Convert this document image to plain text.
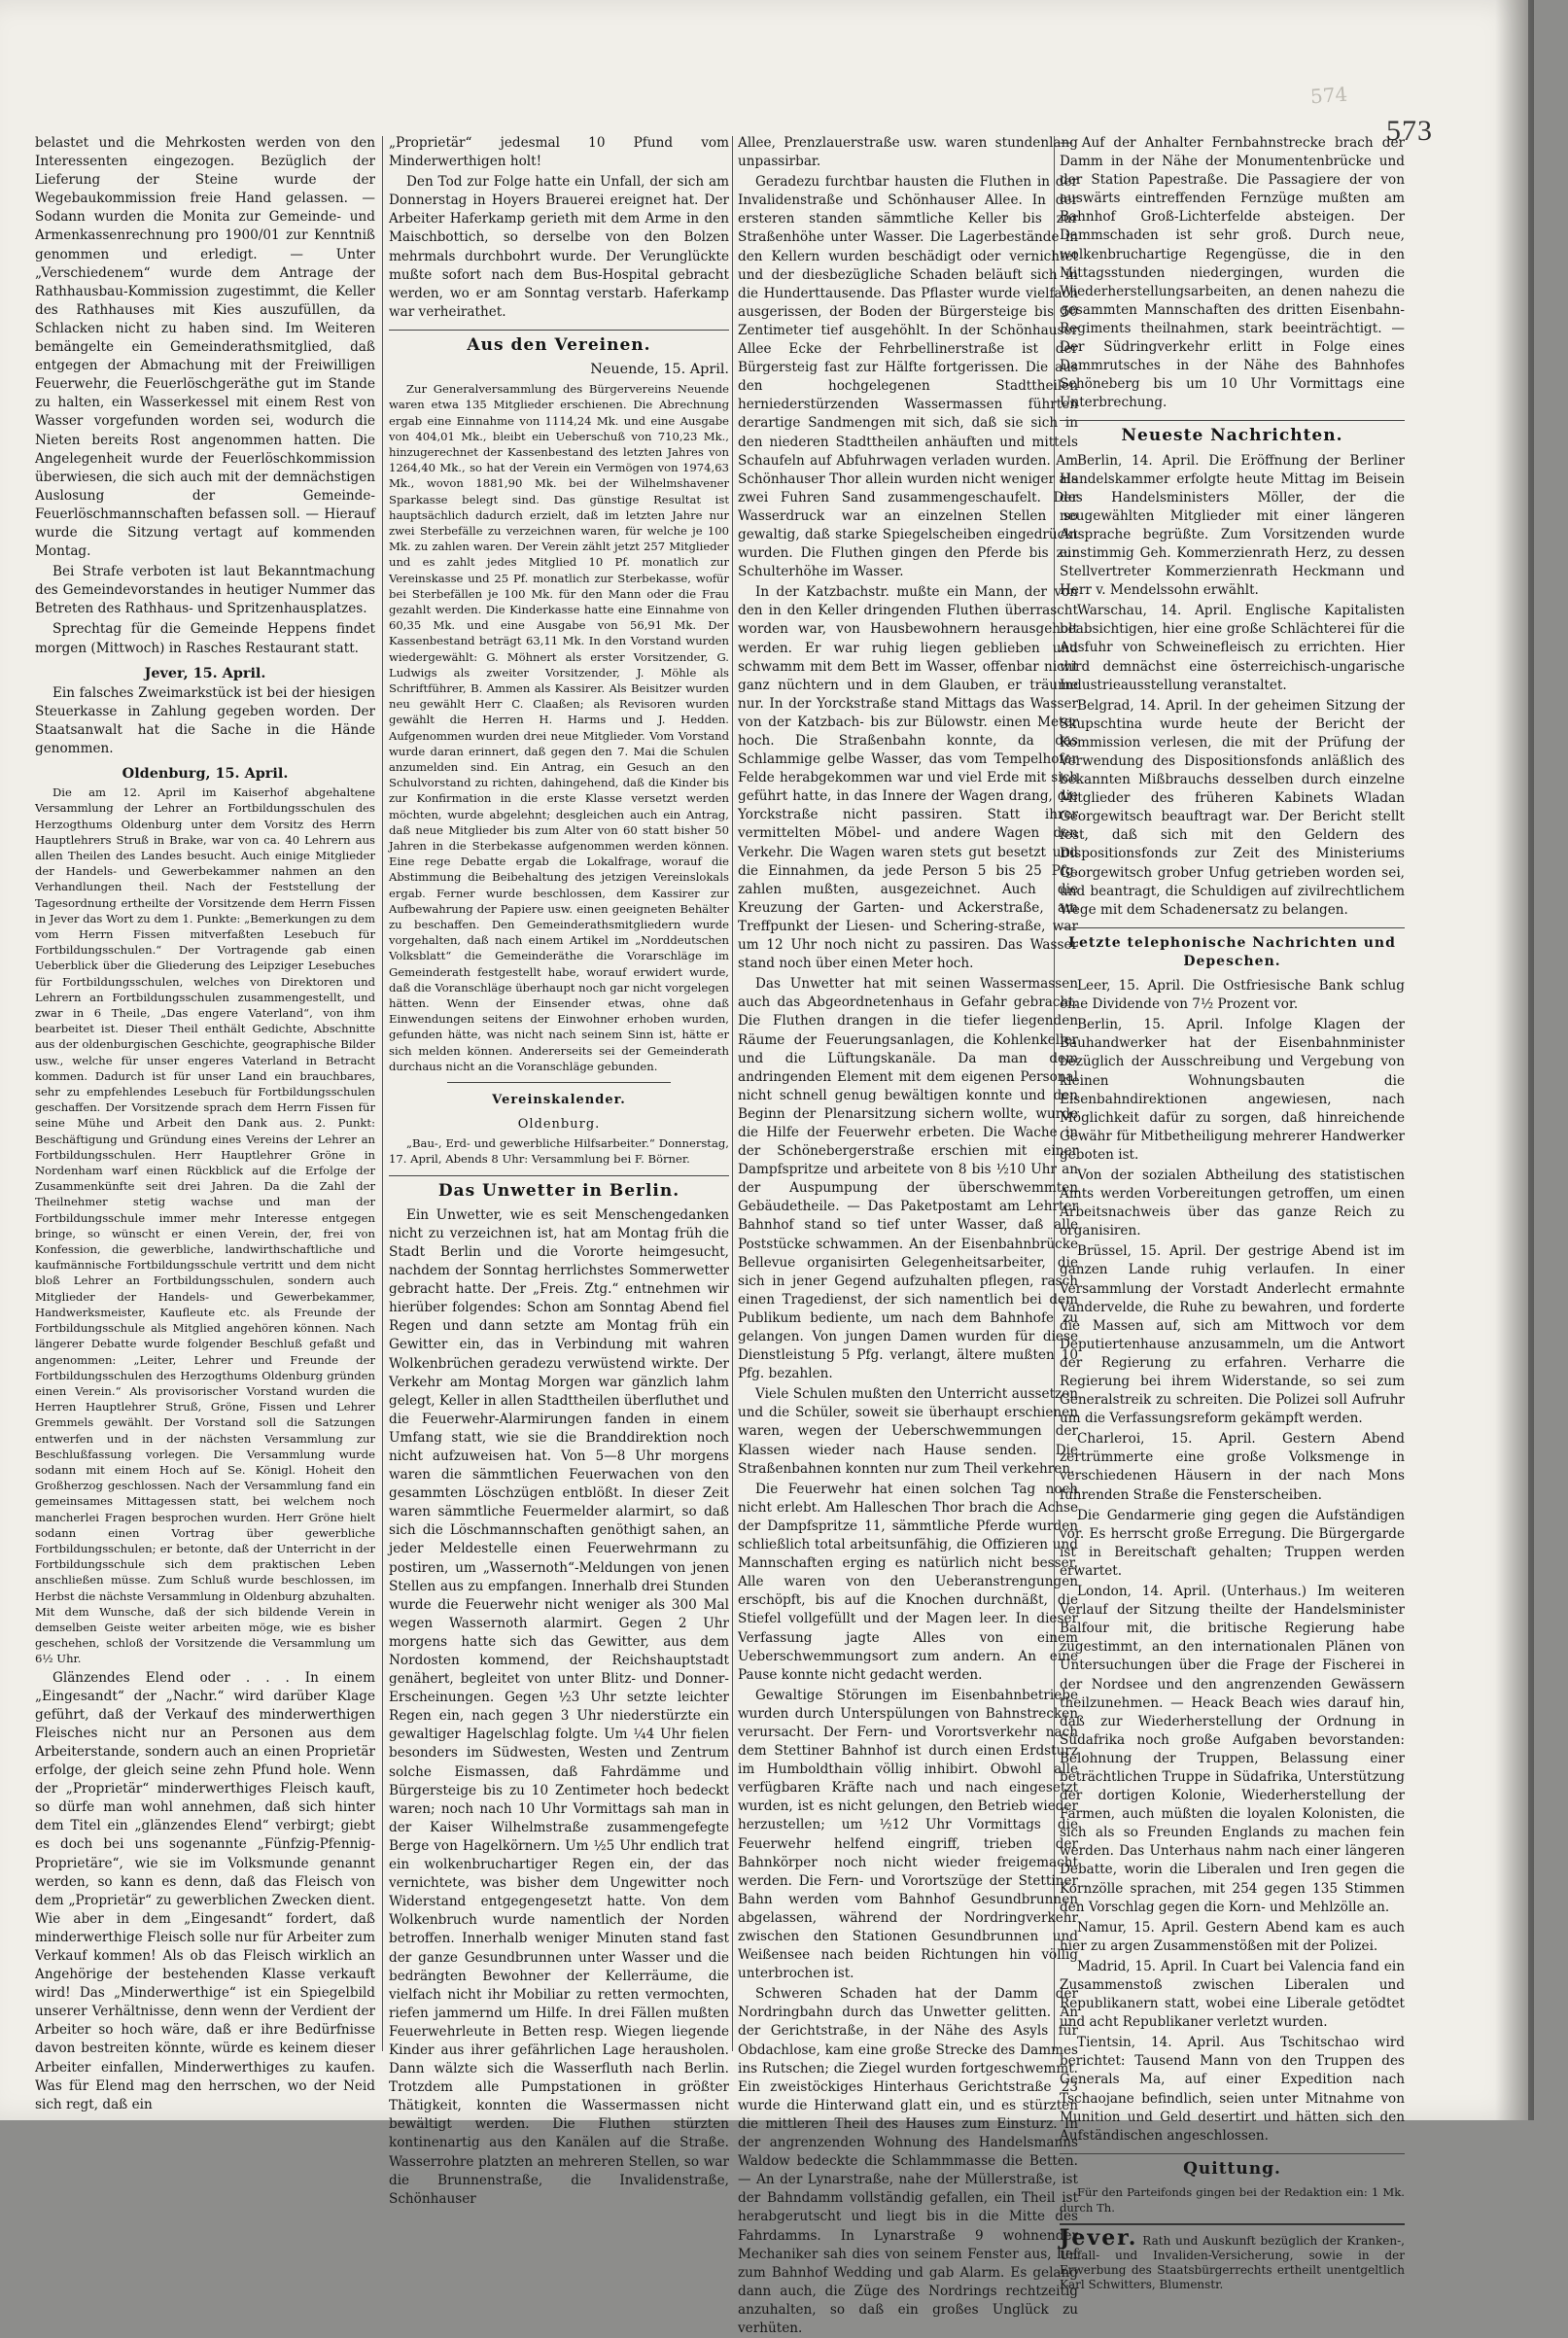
574
573

belastet und die Mehrkosten werden von den Interessenten eingezogen. Bezüglich der Lieferung der Steine wurde der Wegebaukommission freie Hand gelassen. — Sodann wurden die Monita zur Gemeinde- und Armenkassenrechnung pro 1900/01 zur Kenntniß genommen und erledigt. — Unter „Verschiedenem“ wurde dem Antrage der Rathhausbau-Kommission zugestimmt, die Keller des Rathhauses mit Kies auszufüllen, da Schlacken nicht zu haben sind. Im Weiteren bemängelte ein Gemeinderathsmitglied, daß entgegen der Abmachung mit der Freiwilligen Feuerwehr, die Feuerlöschgeräthe gut im Stande zu halten, ein Wasserkessel mit einem Rest von Wasser vorgefunden worden sei, wodurch die Nieten bereits Rost angenommen hatten. Die Angelegenheit wurde der Feuerlöschkommission überwiesen, die sich auch mit der demnächstigen Auslosung der Gemeinde-Feuerlöschmannschaften befassen soll. — Hierauf wurde die Sitzung vertagt auf kommenden Montag.

Bei Strafe verboten ist laut Bekanntmachung des Gemeindevorstandes in heutiger Nummer das Betreten des Rathhaus- und Spritzenhausplatzes.

Sprechtag für die Gemeinde Heppens findet morgen (Mittwoch) in Rasches Restaurant statt.

Jever, 15. April.

Ein falsches Zweimarkstück ist bei der hiesigen Steuerkasse in Zahlung gegeben worden. Der Staatsanwalt hat die Sache in die Hände genommen.

Oldenburg, 15. April.

Die am 12. April im Kaiserhof abgehaltene Versammlung der Lehrer an Fortbildungsschulen des Herzogthums Oldenburg unter dem Vorsitz des Herrn Hauptlehrers Struß in Brake, war von ca. 40 Lehrern aus allen Theilen des Landes besucht. Auch einige Mitglieder der Handels- und Gewerbekammer nahmen an den Verhandlungen theil. Nach der Feststellung der Tagesordnung ertheilte der Vorsitzende dem Herrn Fissen in Jever das Wort zu dem 1. Punkte: „Bemerkungen zu dem vom Herrn Fissen mitverfaßten Lesebuch für Fortbildungsschulen.“ Der Vortragende gab einen Ueberblick über die Gliederung des Leipziger Lesebuches für Fortbildungsschulen, welches von Direktoren und Lehrern an Fortbildungsschulen zusammengestellt, und zwar in 6 Theile, „Das engere Vaterland“, von ihm bearbeitet ist. Dieser Theil enthält Gedichte, Abschnitte aus der oldenburgischen Geschichte, geographische Bilder usw., welche für unser engeres Vaterland in Betracht kommen. Dadurch ist für unser Land ein brauchbares, sehr zu empfehlendes Lesebuch für Fortbildungsschulen geschaffen. Der Vorsitzende sprach dem Herrn Fissen für seine Mühe und Arbeit den Dank aus. 2. Punkt: Beschäftigung und Gründung eines Vereins der Lehrer an Fortbildungsschulen. Herr Hauptlehrer Gröne in Nordenham warf einen Rückblick auf die Erfolge der Zusammenkünfte seit drei Jahren. Da die Zahl der Theilnehmer stetig wachse und man der Fortbildungsschule immer mehr Interesse entgegen bringe, so wünscht er einen Verein, der, frei von Konfession, die gewerbliche, landwirthschaftliche und kaufmännische Fortbildungsschule vertritt und dem nicht bloß Lehrer an Fortbildungsschulen, sondern auch Mitglieder der Handels- und Gewerbekammer, Handwerksmeister, Kaufleute etc. als Freunde der Fortbildungsschule als Mitglied angehören können. Nach längerer Debatte wurde folgender Beschluß gefaßt und angenommen: „Leiter, Lehrer und Freunde der Fortbildungsschulen des Herzogthums Oldenburg gründen einen Verein.“ Als provisorischer Vorstand wurden die Herren Hauptlehrer Struß, Gröne, Fissen und Lehrer Gremmels gewählt. Der Vorstand soll die Satzungen entwerfen und in der nächsten Versammlung zur Beschlußfassung vorlegen. Die Versammlung wurde sodann mit einem Hoch auf Se. Königl. Hoheit den Großherzog geschlossen. Nach der Versammlung fand ein gemeinsames Mittagessen statt, bei welchem noch mancherlei Fragen besprochen wurden. Herr Gröne hielt sodann einen Vortrag über gewerbliche Fortbildungsschulen; er betonte, daß der Unterricht in der Fortbildungsschule sich dem praktischen Leben anschließen müsse. Zum Schluß wurde beschlossen, im Herbst die nächste Versammlung in Oldenburg abzuhalten. Mit dem Wunsche, daß der sich bildende Verein in demselben Geiste weiter arbeiten möge, wie es bisher geschehen, schloß der Vorsitzende die Versammlung um 6½ Uhr.

Glänzendes Elend oder . . . In einem „Eingesandt“ der „Nachr.“ wird darüber Klage geführt, daß der Verkauf des minderwerthigen Fleisches nicht nur an Personen aus dem Arbeiterstande, sondern auch an einen Proprietär erfolge, der gleich seine zehn Pfund hole. Wenn der „Proprietär“ minderwerthiges Fleisch kauft, so dürfe man wohl annehmen, daß sich hinter dem Titel ein „glänzendes Elend“ verbirgt; giebt es doch bei uns sogenannte „Fünfzig-Pfennig-Proprietäre“, wie sie im Volksmunde genannt werden, so kann es denn, daß das Fleisch von dem „Proprietär“ zu gewerblichen Zwecken dient. Wie aber in dem „Eingesandt“ fordert, daß minderwerthige Fleisch solle nur für Arbeiter zum Verkauf kommen! Als ob das Fleisch wirklich an Angehörige der bestehenden Klasse verkauft wird! Das „Minderwerthige“ ist ein Spiegelbild unserer Verhältnisse, denn wenn der Verdient der Arbeiter so hoch wäre, daß er ihre Bedürfnisse davon bestreiten könnte, würde es keinem dieser Arbeiter einfallen, Minderwerthiges zu kaufen. Was für Elend mag den herrschen, wo der Neid sich regt, daß ein

„Proprietär“ jedesmal 10 Pfund vom Minderwerthigen holt!

Den Tod zur Folge hatte ein Unfall, der sich am Donnerstag in Hoyers Brauerei ereignet hat. Der Arbeiter Haferkamp gerieth mit dem Arme in den Maischbottich, so derselbe von den Bolzen mehrmals durchbohrt wurde. Der Verunglückte mußte sofort nach dem Bus-Hospital gebracht werden, wo er am Sonntag verstarb. Haferkamp war verheirathet.

Aus den Vereinen.
Neuende, 15. April.

Zur Generalversammlung des Bürgervereins Neuende waren etwa 135 Mitglieder erschienen. Die Abrechnung ergab eine Einnahme von 1114,24 Mk. und eine Ausgabe von 404,01 Mk., bleibt ein Ueberschuß von 710,23 Mk., hinzugerechnet der Kassenbestand des letzten Jahres von 1264,40 Mk., so hat der Verein ein Vermögen von 1974,63 Mk., wovon 1881,90 Mk. bei der Wilhelmshavener Sparkasse belegt sind. Das günstige Resultat ist hauptsächlich dadurch erzielt, daß im letzten Jahre nur zwei Sterbefälle zu verzeichnen waren, für welche je 100 Mk. zu zahlen waren. Der Verein zählt jetzt 257 Mitglieder und es zahlt jedes Mitglied 10 Pf. monatlich zur Vereinskasse und 25 Pf. monatlich zur Sterbekasse, wofür bei Sterbefällen je 100 Mk. für den Mann oder die Frau gezahlt werden. Die Kinderkasse hatte eine Einnahme von 60,35 Mk. und eine Ausgabe von 56,91 Mk. Der Kassenbestand beträgt 63,11 Mk. In den Vorstand wurden wiedergewählt: G. Möhnert als erster Vorsitzender, G. Ludwigs als zweiter Vorsitzender, J. Möhle als Schriftführer, B. Ammen als Kassirer. Als Beisitzer wurden neu gewählt Herr C. Claaßen; als Revisoren wurden gewählt die Herren H. Harms und J. Hedden. Aufgenommen wurden drei neue Mitglieder. Vom Vorstand wurde daran erinnert, daß gegen den 7. Mai die Schulen anzumelden sind. Ein Antrag, ein Gesuch an den Schulvorstand zu richten, dahingehend, daß die Kinder bis zur Konfirmation in die erste Klasse versetzt werden möchten, wurde abgelehnt; desgleichen auch ein Antrag, daß neue Mitglieder bis zum Alter von 60 statt bisher 50 Jahren in die Sterbekasse aufgenommen werden können. Eine rege Debatte ergab die Lokalfrage, worauf die Abstimmung die Beibehaltung des jetzigen Vereinslokals ergab. Ferner wurde beschlossen, dem Kassirer zur Aufbewahrung der Papiere usw. einen geeigneten Behälter zu beschaffen. Den Gemeinderathsmitgliedern wurde vorgehalten, daß nach einem Artikel im „Norddeutschen Volksblatt“ die Gemeinderäthe die Vorarschläge im Gemeinderath festgestellt habe, worauf erwidert wurde, daß die Voranschläge überhaupt noch gar nicht vorgelegen hätten. Wenn der Einsender etwas, ohne daß Einwendungen seitens der Einwohner erhoben wurden, gefunden hätte, was nicht nach seinem Sinn ist, hätte er sich melden können. Andererseits sei der Gemeinderath durchaus nicht an die Voranschläge gebunden.

Vereinskalender.
Oldenburg.

„Bau-, Erd- und gewerbliche Hilfsarbeiter.“ Donnerstag, 17. April, Abends 8 Uhr: Versammlung bei F. Börner.

Das Unwetter in Berlin.

Ein Unwetter, wie es seit Menschengedanken nicht zu verzeichnen ist, hat am Montag früh die Stadt Berlin und die Vororte heimgesucht, nachdem der Sonntag herrlichstes Sommerwetter gebracht hatte. Der „Freis. Ztg.“ entnehmen wir hierüber folgendes: Schon am Sonntag Abend fiel Regen und dann setzte am Montag früh ein Gewitter ein, das in Verbindung mit wahren Wolkenbrüchen geradezu verwüstend wirkte. Der Verkehr am Montag Morgen war gänzlich lahm gelegt, Keller in allen Stadttheilen überfluthet und die Feuerwehr-Alarmirungen fanden in einem Umfang statt, wie sie die Branddirektion noch nicht aufzuweisen hat. Von 5—8 Uhr morgens waren die sämmtlichen Feuerwachen von den gesammten Löschzügen entblößt. In dieser Zeit waren sämmtliche Feuermelder alarmirt, so daß sich die Löschmannschaften genöthigt sahen, an jeder Meldestelle einen Feuerwehrmann zu postiren, um „Wassernoth“-Meldungen von jenen Stellen aus zu empfangen. Innerhalb drei Stunden wurde die Feuerwehr nicht weniger als 300 Mal wegen Wassernoth alarmirt. Gegen 2 Uhr morgens hatte sich das Gewitter, aus dem Nordosten kommend, der Reichshauptstadt genähert, begleitet von unter Blitz- und Donner-Erscheinungen. Gegen ½3 Uhr setzte leichter Regen ein, nach gegen 3 Uhr niederstürzte ein gewaltiger Hagelschlag folgte. Um ¼4 Uhr fielen besonders im Südwesten, Westen und Zentrum solche Eismassen, daß Fahrdämme und Bürgersteige bis zu 10 Zentimeter hoch bedeckt waren; noch nach 10 Uhr Vormittags sah man in der Kaiser Wilhelmstraße zusammengefegte Berge von Hagelkörnern. Um ½5 Uhr endlich trat ein wolkenbruchartiger Regen ein, der das vernichtete, was bisher dem Ungewitter noch Widerstand entgegengesetzt hatte. Von dem Wolkenbruch wurde namentlich der Norden betroffen. Innerhalb weniger Minuten stand fast der ganze Gesundbrunnen unter Wasser und die bedrängten Bewohner der Kellerräume, die vielfach nicht ihr Mobiliar zu retten vermochten, riefen jammernd um Hilfe. In drei Fällen mußten Feuerwehrleute in Betten resp. Wiegen liegende Kinder aus ihrer gefährlichen Lage herausholen. Dann wälzte sich die Wasserfluth nach Berlin. Trotzdem alle Pumpstationen in größter Thätigkeit, konnten die Wassermassen nicht bewältigt werden. Die Fluthen stürzten kontinenartig aus den Kanälen auf die Straße. Wasserrohre platzten an mehreren Stellen, so war die Brunnenstraße, die Invalidenstraße, Schönhauser

Allee, Prenzlauerstraße usw. waren stundenlang unpassirbar.

Geradezu furchtbar hausten die Fluthen in der Invalidenstraße und Schönhauser Allee. In der ersteren standen sämmtliche Keller bis zur Straßenhöhe unter Wasser. Die Lagerbestände in den Kellern wurden beschädigt oder vernichtet und der diesbezügliche Schaden beläuft sich in die Hunderttausende. Das Pflaster wurde vielfach ausgerissen, der Boden der Bürgersteige bis 50 Zentimeter tief ausgehöhlt. In der Schönhauser Allee Ecke der Fehrbellinerstraße ist der Bürgersteig fast zur Hälfte fortgerissen. Die aus den hochgelegenen Stadttheilen herniederstürzenden Wassermassen führten derartige Sandmengen mit sich, daß sie sich in den niederen Stadttheilen anhäuften und mittels Schaufeln auf Abfuhrwagen verladen wurden. Am Schönhauser Thor allein wurden nicht weniger als zwei Fuhren Sand zusammengeschaufelt. Der Wasserdruck war an einzelnen Stellen so gewaltig, daß starke Spiegelscheiben eingedrückt wurden. Die Fluthen gingen den Pferde bis zur Schulterhöhe im Wasser.

In der Katzbachstr. mußte ein Mann, der von den in den Keller dringenden Fluthen überrascht worden war, von Hausbewohnern herausgeholt werden. Er war ruhig liegen geblieben und schwamm mit dem Bett im Wasser, offenbar nicht ganz nüchtern und in dem Glauben, er träume nur. In der Yorckstraße stand Mittags das Wasser von der Katzbach- bis zur Bülowstr. einen Meter hoch. Die Straßenbahn konnte, da das Schlammige gelbe Wasser, das vom Tempelhofer Felde herabgekommen war und viel Erde mit sich geführt hatte, in das Innere der Wagen drang, die Yorckstraße nicht passiren. Statt ihrer vermittelten Möbel- und andere Wagen den Verkehr. Die Wagen waren stets gut besetzt und die Einnahmen, da jede Person 5 bis 25 Pfg. zahlen mußten, ausgezeichnet. Auch die Kreuzung der Garten- und Ackerstraße, am Treffpunkt der Liesen- und Schering-straße, war um 12 Uhr noch nicht zu passiren. Das Wasser stand noch über einen Meter hoch.

Das Unwetter hat mit seinen Wassermassen auch das Abgeordnetenhaus in Gefahr gebracht. Die Fluthen drangen in die tiefer liegenden Räume der Feuerungsanlagen, die Kohlenkeller und die Lüftungskanäle. Da man dem andringenden Element mit dem eigenen Personal nicht schnell genug bewältigen konnte und den Beginn der Plenarsitzung sichern wollte, wurde die Hilfe der Feuerwehr erbeten. Die Wache in der Schönebergerstraße erschien mit einer Dampfspritze und arbeitete von 8 bis ½10 Uhr an der Auspumpung der überschwemmten Gebäudetheile. — Das Paketpostamt am Lehrter Bahnhof stand so tief unter Wasser, daß alle Poststücke schwammen. An der Eisenbahnbrücke Bellevue organisirten Gelegenheitsarbeiter, die sich in jener Gegend aufzuhalten pflegen, rasch einen Tragedienst, der sich namentlich bei dem Publikum bediente, um nach dem Bahnhofe zu gelangen. Von jungen Damen wurden für diese Dienstleistung 5 Pfg. verlangt, ältere mußten 10 Pfg. bezahlen.

Viele Schulen mußten den Unterricht aussetzen und die Schüler, soweit sie überhaupt erschienen waren, wegen der Ueberschwemmungen der Klassen wieder nach Hause senden. Die Straßenbahnen konnten nur zum Theil verkehren.

Die Feuerwehr hat einen solchen Tag noch nicht erlebt. Am Halleschen Thor brach die Achse der Dampfspritze 11, sämmtliche Pferde wurden schließlich total arbeitsunfähig, die Offizieren und Mannschaften erging es natürlich nicht besser. Alle waren von den Ueberanstrengungen erschöpft, bis auf die Knochen durchnäßt, die Stiefel vollgefüllt und der Magen leer. In dieser Verfassung jagte Alles von einem Ueberschwemmungsort zum andern. An eine Pause konnte nicht gedacht werden.

Gewaltige Störungen im Eisenbahnbetriebe wurden durch Unterspülungen von Bahnstrecken verursacht. Der Fern- und Vorortsverkehr nach dem Stettiner Bahnhof ist durch einen Erdsturz im Humboldthain völlig inhibirt. Obwohl alle verfügbaren Kräfte nach und nach eingesetzt wurden, ist es nicht gelungen, den Betrieb wieder herzustellen; um ½12 Uhr Vormittags die Feuerwehr helfend eingriff, trieben der Bahnkörper noch nicht wieder freigemacht werden. Die Fern- und Vorortszüge der Stettiner Bahn werden vom Bahnhof Gesundbrunnen abgelassen, während der Nordringverkehr zwischen den Stationen Gesundbrunnen und Weißensee nach beiden Richtungen hin völlig unterbrochen ist.

Schweren Schaden hat der Damm der Nordringbahn durch das Unwetter gelitten. An der Gerichtstraße, in der Nähe des Asyls für Obdachlose, kam eine große Strecke des Dammes ins Rutschen; die Ziegel wurden fortgeschwemmt. Ein zweistöckiges Hinterhaus Gerichtstraße 23 wurde die Hinterwand glatt ein, und es stürzten die mittleren Theil des Hauses zum Einsturz. In der angrenzenden Wohnung des Handelsmanns Waldow bedeckte die Schlammmasse die Betten. — An der Lynarstraße, nahe der Müllerstraße, ist der Bahndamm vollständig gefallen, ein Theil ist herabgerutscht und liegt bis in die Mitte des Fahrdamms. In Lynarstraße 9 wohnender Mechaniker sah dies von seinem Fenster aus, lief zum Bahnhof Wedding und gab Alarm. Es gelang dann auch, die Züge des Nordrings rechtzeitig anzuhalten, so daß ein großes Unglück zu verhüten.

— Auf der Anhalter Fernbahnstrecke brach der Damm in der Nähe der Monumentenbrücke und der Station Papestraße. Die Passagiere der von auswärts eintreffenden Fernzüge mußten am Bahnhof Groß-Lichterfelde absteigen. Der Dammschaden ist sehr groß. Durch neue, wolkenbruchartige Regengüsse, die in den Mittagsstunden niedergingen, wurden die Wiederherstellungsarbeiten, an denen nahezu die gesammten Mannschaften des dritten Eisenbahn-Regiments theilnahmen, stark beeinträchtigt. — Der Südringverkehr erlitt in Folge eines Dammrutsches in der Nähe des Bahnhofes Schöneberg bis um 10 Uhr Vormittags eine Unterbrechung.

Neueste Nachrichten.

Berlin, 14. April. Die Eröffnung der Berliner Handelskammer erfolgte heute Mittag im Beisein des Handelsministers Möller, der die neugewählten Mitglieder mit einer längeren Ansprache begrüßte. Zum Vorsitzenden wurde einstimmig Geh. Kommerzienrath Herz, zu dessen Stellvertreter Kommerzienrath Heckmann und Herr v. Mendelssohn erwählt.

Warschau, 14. April. Englische Kapitalisten beabsichtigen, hier eine große Schlächterei für die Ausfuhr von Schweinefleisch zu errichten. Hier wird demnächst eine österreichisch-ungarische Industrieausstellung veranstaltet.

Belgrad, 14. April. In der geheimen Sitzung der Skupschtina wurde heute der Bericht der Kommission verlesen, die mit der Prüfung der Verwendung des Dispositionsfonds anläßlich des bekannten Mißbrauchs desselben durch einzelne Mitglieder des früheren Kabinets Wladan Georgewitsch beauftragt war. Der Bericht stellt fest, daß sich mit den Geldern des Dispositionsfonds zur Zeit des Ministeriums Georgewitsch grober Unfug getrieben worden sei, und beantragt, die Schuldigen auf zivilrechtlichem Wege mit dem Schadenersatz zu belangen.

Letzte telephonische Nachrichten und Depeschen.

Leer, 15. April. Die Ostfriesische Bank schlug eine Dividende von 7½ Prozent vor.

Berlin, 15. April. Infolge Klagen der Bauhandwerker hat der Eisenbahnminister bezüglich der Ausschreibung und Vergebung von kleinen Wohnungsbauten die Eisenbahndirektionen angewiesen, nach Möglichkeit dafür zu sorgen, daß hinreichende Gewähr für Mitbetheiligung mehrerer Handwerker geboten ist.

Von der sozialen Abtheilung des statistischen Amts werden Vorbereitungen getroffen, um einen Arbeitsnachweis über das ganze Reich zu organisiren.

Brüssel, 15. April. Der gestrige Abend ist im ganzen Lande ruhig verlaufen. In einer Versammlung der Vorstadt Anderlecht ermahnte Vandervelde, die Ruhe zu bewahren, und forderte die Massen auf, sich am Mittwoch vor dem Deputiertenhause anzusammeln, um die Antwort der Regierung zu erfahren. Verharre die Regierung bei ihrem Widerstande, so sei zum Generalstreik zu schreiten. Die Polizei soll Aufruhr um die Verfassungsreform gekämpft werden.

Charleroi, 15. April. Gestern Abend zertrümmerte eine große Volksmenge in verschiedenen Häusern in der nach Mons führenden Straße die Fensterscheiben.

Die Gendarmerie ging gegen die Aufständigen vor. Es herrscht große Erregung. Die Bürgergarde ist in Bereitschaft gehalten; Truppen werden erwartet.

London, 14. April. (Unterhaus.) Im weiteren Verlauf der Sitzung theilte der Handelsminister Balfour mit, die britische Regierung habe zugestimmt, an den internationalen Plänen von Untersuchungen über die Frage der Fischerei in der Nordsee und den angrenzenden Gewässern theilzunehmen. — Heack Beach wies darauf hin, daß zur Wiederherstellung der Ordnung in Südafrika noch große Aufgaben bevorstanden: Belohnung der Truppen, Belassung einer beträchtlichen Truppe in Südafrika, Unterstützung der dortigen Kolonie, Wiederherstellung der Farmen, auch müßten die loyalen Kolonisten, die sich als so Freunden Englands zu machen fein werden. Das Unterhaus nahm nach einer längeren Debatte, worin die Liberalen und Iren gegen die Kornzölle sprachen, mit 254 gegen 135 Stimmen den Vorschlag gegen die Korn- und Mehlzölle an.

Namur, 15. April. Gestern Abend kam es auch hier zu argen Zusammenstößen mit der Polizei.

Madrid, 15. April. In Cuart bei Valencia fand ein Zusammenstoß zwischen Liberalen und Republikanern statt, wobei eine Liberale getödtet und acht Republikaner verletzt wurden.

Tientsin, 14. April. Aus Tschitschao wird berichtet: Tausend Mann von den Truppen des Generals Ma, auf einer Expedition nach Tschaojane befindlich, seien unter Mitnahme von Munition und Geld desertirt und hätten sich den Aufständischen angeschlossen.

Quittung.

Für den Parteifonds gingen bei der Redaktion ein: 1 Mk. durch Th.

Jever. Rath und Auskunft bezüglich der Kranken-, Unfall- und Invaliden-Versicherung, sowie in der Erwerbung des Staatsbürgerrechts ertheilt unentgeltlich Karl Schwitters, Blumenstr.
